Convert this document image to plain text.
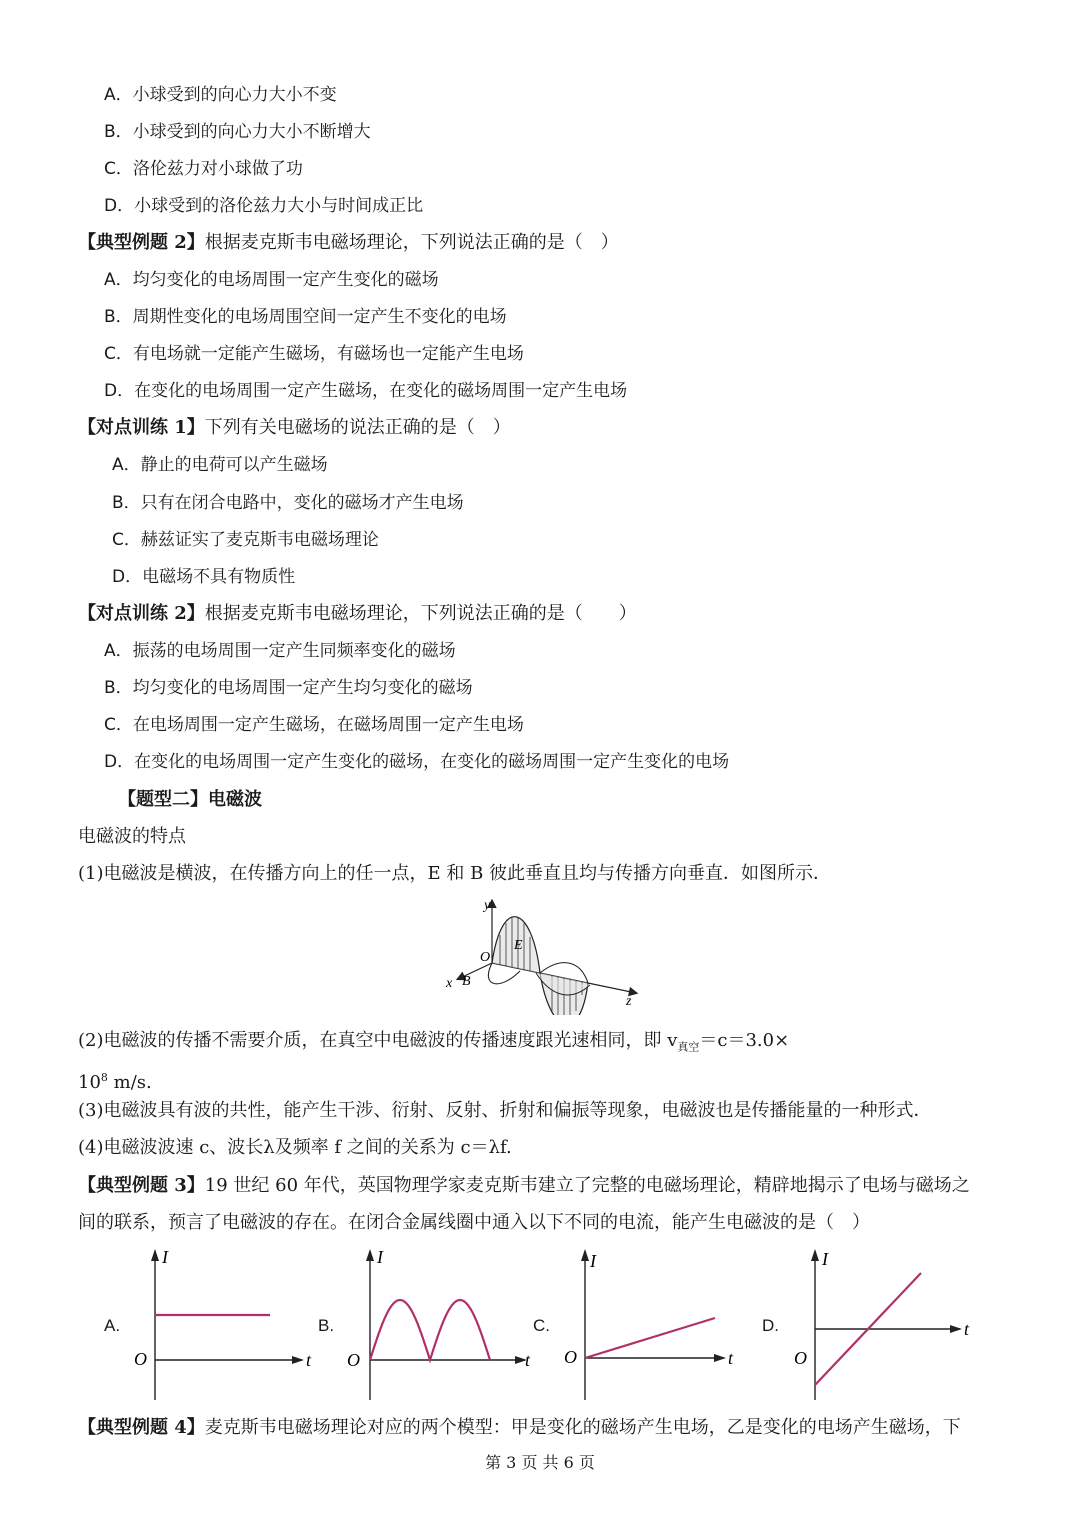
A．小球受到的向心力大小不变
B．小球受到的向心力大小不断增大
C．洛伦兹力对小球做了功
D．小球受到的洛伦兹力大小与时间成正比
【典型例题 2】根据麦克斯韦电磁场理论，下列说法正确的是（　）
A．均匀变化的电场周围一定产生变化的磁场
B．周期性变化的电场周围空间一定产生不变化的电场
C．有电场就一定能产生磁场，有磁场也一定能产生电场
D．在变化的电场周围一定产生磁场，在变化的磁场周围一定产生电场
【对点训练 1】下列有关电磁场的说法正确的是（　）
A．静止的电荷可以产生磁场
B．只有在闭合电路中，变化的磁场才产生电场
C．赫兹证实了麦克斯韦电磁场理论
D．电磁场不具有物质性
【对点训练 2】根据麦克斯韦电磁场理论，下列说法正确的是（　　）
A．振荡的电场周围一定产生同频率变化的磁场
B．均匀变化的电场周围一定产生均匀变化的磁场
C．在电场周围一定产生磁场，在磁场周围一定产生电场
D．在变化的电场周围一定产生变化的磁场，在变化的磁场周围一定产生变化的电场
【题型二】电磁波
电磁波的特点
(1)电磁波是横波，在传播方向上的任一点，E 和 B 彼此垂直且均与传播方向垂直．如图所示．
y
O
E
x B
z
(2)电磁波的传播不需要介质，在真空中电磁波的传播速度跟光速相同，即 $v_{真空}=c=3.0\times$
$10^8$ m/s.
(3)电磁波具有波的共性，能产生干涉、衍射、反射、折射和偏振等现象，电磁波也是传播能量的一种形式．
(4)电磁波波速 c、波长λ及频率 f 之间的关系为 c＝λf.
【典型例题 3】19 世纪 60 年代，英国物理学家麦克斯韦建立了完整的电磁场理论，精辟地揭示了电场与磁场之
间的联系，预言了电磁波的存在。在闭合金属线圈中通入以下不同的电流，能产生电磁波的是（　）
A.	B.	C.	D.
I
t
O
I
t
O
I
t
O
I
t
O
【典型例题 4】麦克斯韦电磁场理论对应的两个模型：甲是变化的磁场产生电场，乙是变化的电场产生磁场，下
第 3 页 共 6 页
